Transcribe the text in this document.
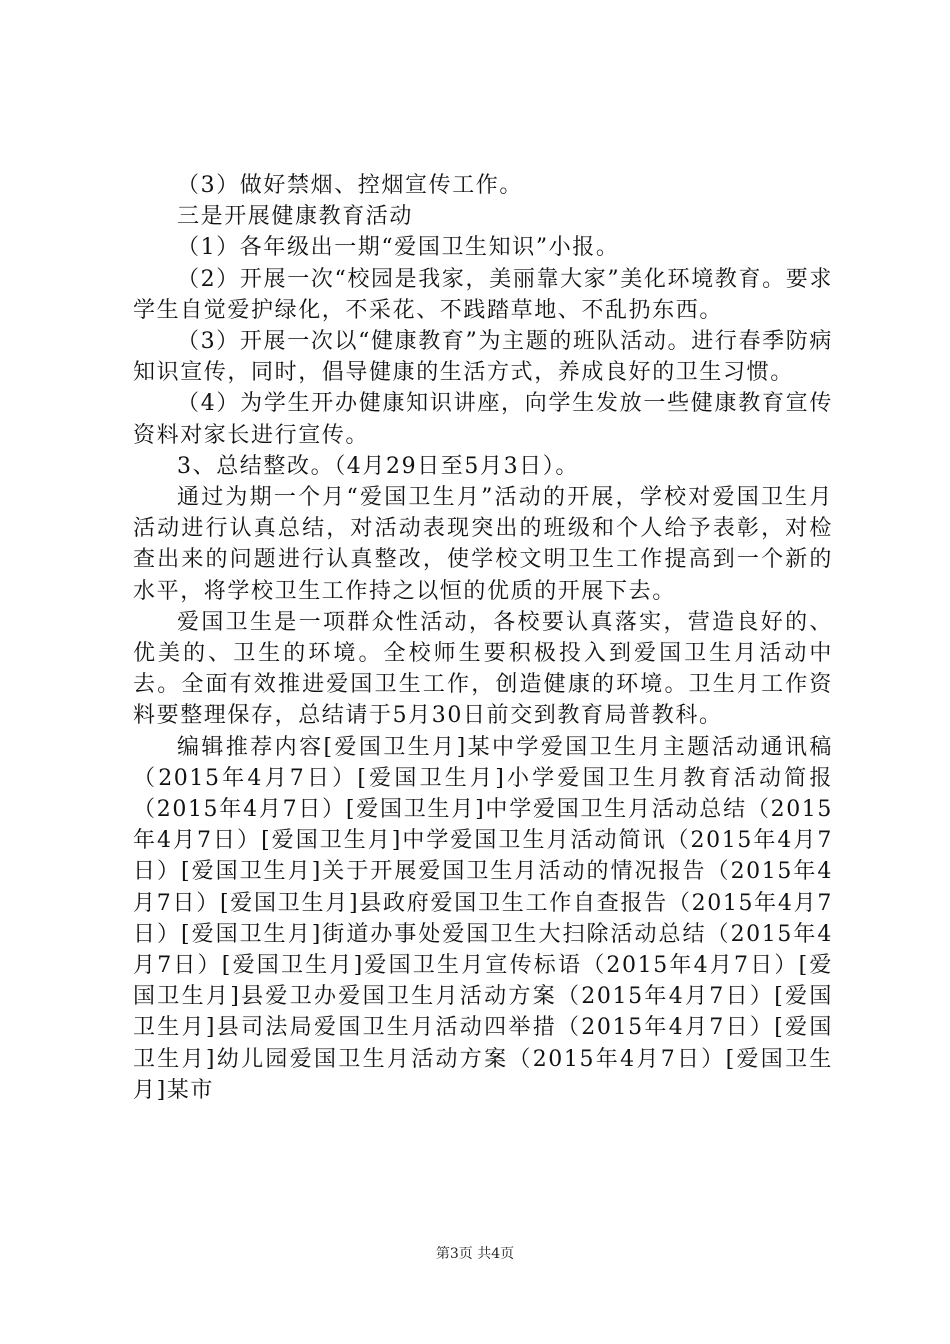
（3）做好禁烟、控烟宣传工作。

三是开展健康教育活动

（1）各年级出一期“爱国卫生知识”小报。

（2）开展一次“校园是我家，美丽靠大家”美化环境教育。要求学生自觉爱护绿化，不采花、不践踏草地、不乱扔东西。

（3）开展一次以“健康教育”为主题的班队活动。进行春季防病知识宣传，同时，倡导健康的生活方式，养成良好的卫生习惯。

（4）为学生开办健康知识讲座，向学生发放一些健康教育宣传资料对家长进行宣传。

3、总结整改。（4月29日至5月3日）。

通过为期一个月“爱国卫生月”活动的开展，学校对爱国卫生月活动进行认真总结，对活动表现突出的班级和个人给予表彰，对检查出来的问题进行认真整改，使学校文明卫生工作提高到一个新的水平，将学校卫生工作持之以恒的优质的开展下去。

爱国卫生是一项群众性活动，各校要认真落实，营造良好的、优美的、卫生的环境。全校师生要积极投入到爱国卫生月活动中去。全面有效推进爱国卫生工作，创造健康的环境。卫生月工作资料要整理保存，总结请于5月30日前交到教育局普教科。

编辑推荐内容[爱国卫生月]某中学爱国卫生月主题活动通讯稿（2015年4月7日）[爱国卫生月]小学爱国卫生月教育活动简报（2015年4月7日）[爱国卫生月]中学爱国卫生月活动总结（2015年4月7日）[爱国卫生月]中学爱国卫生月活动简讯（2015年4月7日）[爱国卫生月]关于开展爱国卫生月活动的情况报告（2015年4月7日）[爱国卫生月]县政府爱国卫生工作自查报告（2015年4月7日）[爱国卫生月]街道办事处爱国卫生大扫除活动总结（2015年4月7日）[爱国卫生月]爱国卫生月宣传标语（2015年4月7日）[爱国卫生月]县爱卫办爱国卫生月活动方案（2015年4月7日）[爱国卫生月]县司法局爱国卫生月活动四举措（2015年4月7日）[爱国卫生月]幼儿园爱国卫生月活动方案（2015年4月7日）[爱国卫生月]某市

第3页 共4页
